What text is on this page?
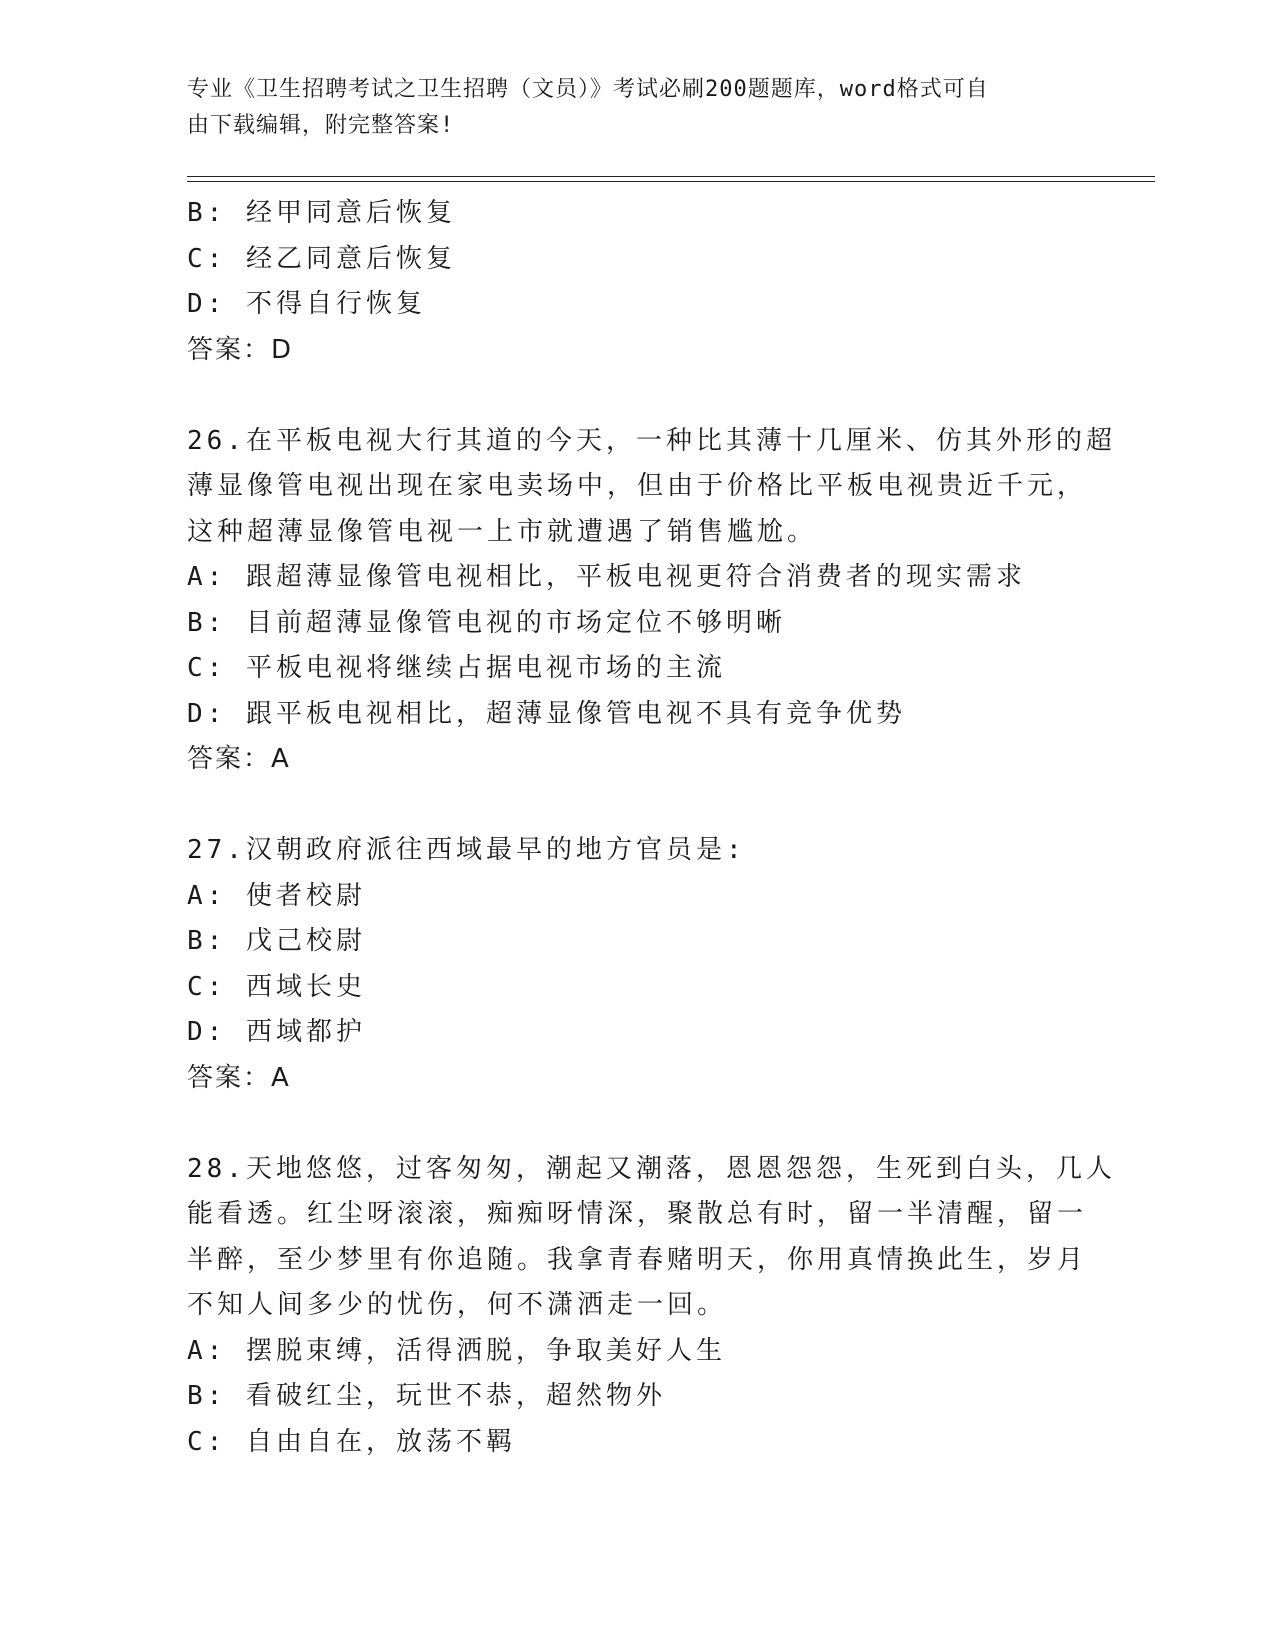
专业《卫生招聘考试之卫生招聘（文员）》考试必刷200题题库，word格式可自
由下载编辑，附完整答案!
B: 经甲同意后恢复
C: 经乙同意后恢复
D: 不得自行恢复
答案：D
26.在平板电视大行其道的今天，一种比其薄十几厘米、仿其外形的超
薄显像管电视出现在家电卖场中，但由于价格比平板电视贵近千元，
这种超薄显像管电视一上市就遭遇了销售尴尬。
A: 跟超薄显像管电视相比，平板电视更符合消费者的现实需求
B: 目前超薄显像管电视的市场定位不够明晰
C: 平板电视将继续占据电视市场的主流
D: 跟平板电视相比，超薄显像管电视不具有竞争优势
答案：A
27.汉朝政府派往西域最早的地方官员是:
A: 使者校尉
B: 戊己校尉
C: 西域长史
D: 西域都护
答案：A
28.天地悠悠，过客匆匆，潮起又潮落，恩恩怨怨，生死到白头，几人
能看透。红尘呀滚滚，痴痴呀情深，聚散总有时，留一半清醒，留一
半醉，至少梦里有你追随。我拿青春赌明天，你用真情换此生，岁月
不知人间多少的忧伤，何不潇洒走一回。
A: 摆脱束缚，活得洒脱，争取美好人生
B: 看破红尘，玩世不恭，超然物外
C: 自由自在，放荡不羁
